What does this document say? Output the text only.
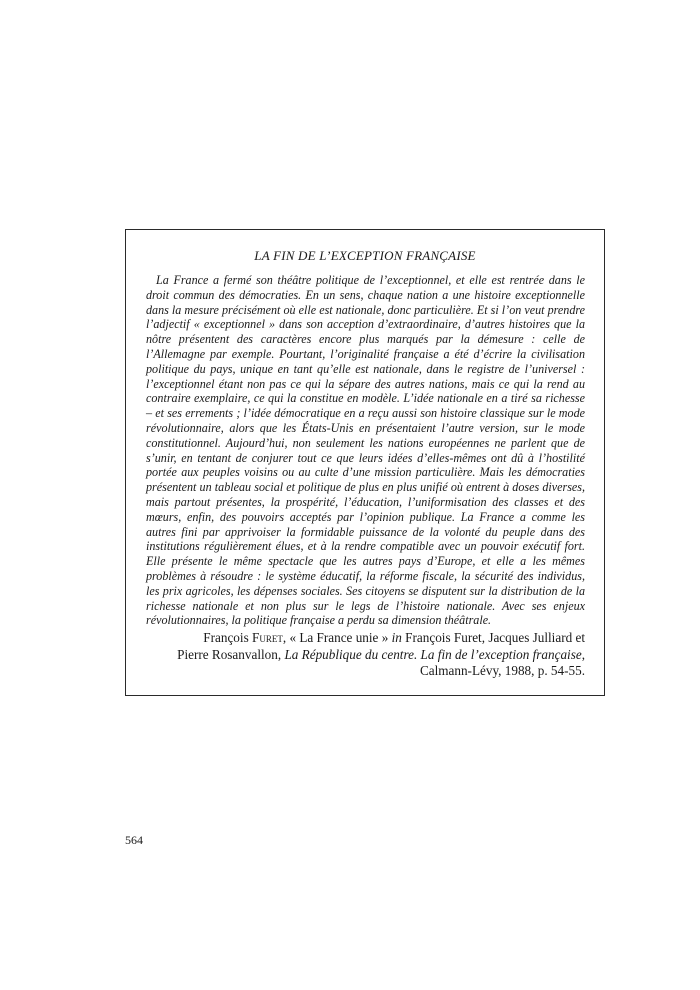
LA FIN DE L’EXCEPTION FRANÇAISE

La France a fermé son théâtre politique de l’exceptionnel, et elle est rentrée dans le droit commun des démocraties. En un sens, chaque nation a une histoire exceptionnelle dans la mesure précisément où elle est nationale, donc particulière. Et si l’on veut prendre l’adjectif « exceptionnel » dans son acception d’extraordinaire, d’autres histoires que la nôtre présentent des caractères encore plus marqués par la démesure : celle de l’Allemagne par exemple. Pourtant, l’originalité française a été d’écrire la civilisation politique du pays, unique en tant qu’elle est nationale, dans le registre de l’universel : l’exceptionnel étant non pas ce qui la sépare des autres nations, mais ce qui la rend au contraire exemplaire, ce qui la constitue en modèle. L’idée nationale en a tiré sa richesse – et ses errements ; l’idée démocratique en a reçu aussi son histoire classique sur le mode révolutionnaire, alors que les États-Unis en présentaient l’autre version, sur le mode constitutionnel. Aujourd’hui, non seulement les nations européennes ne parlent que de s’unir, en tentant de conjurer tout ce que leurs idées d’elles-mêmes ont dû à l’hostilité portée aux peuples voisins ou au culte d’une mission particulière. Mais les démocraties présentent un tableau social et politique de plus en plus unifié où entrent à doses diverses, mais partout présentes, la prospérité, l’éducation, l’uniformisation des classes et des mœurs, enfin, des pouvoirs acceptés par l’opinion publique. La France a comme les autres fini par apprivoiser la formidable puissance de la volonté du peuple dans des institutions régulièrement élues, et à la rendre compatible avec un pouvoir exécutif fort. Elle présente le même spectacle que les autres pays d’Europe, et elle a les mêmes problèmes à résoudre : le système éducatif, la réforme fiscale, la sécurité des individus, les prix agricoles, les dépenses sociales. Ses citoyens se disputent sur la distribution de la richesse nationale et non plus sur le legs de l’histoire nationale. Avec ses enjeux révolutionnaires, la politique française a perdu sa dimension théâtrale.

François Furet, « La France unie » in François Furet, Jacques Julliard et
Pierre Rosanvallon, La République du centre. La fin de l’exception française,
Calmann-Lévy, 1988, p. 54-55.

564
